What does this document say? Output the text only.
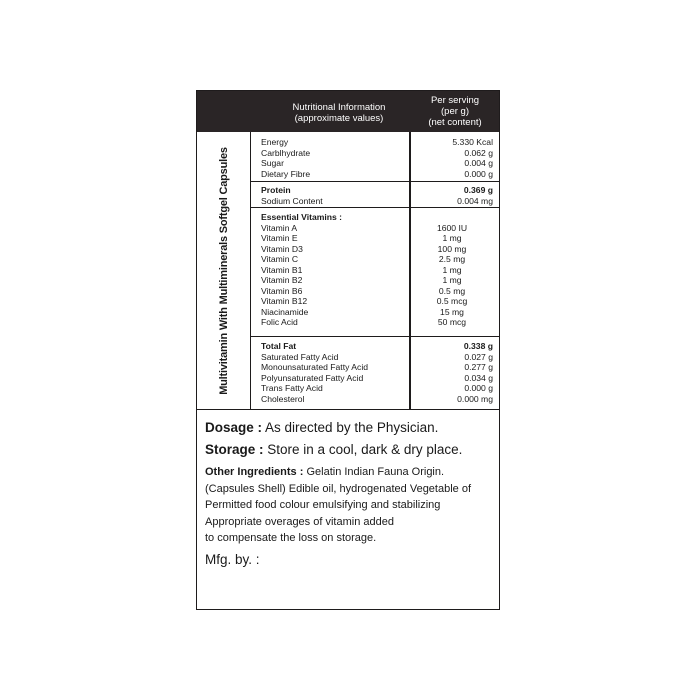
Nutritional Information
(approximate values)
Per serving
(per g)
(net content)
Multivitamin With Multiminerals Softgel Capsules
Energy	5.330 Kcal
Carblhydrate	0.062 g
Sugar	0.004 g
Dietary Fibre	0.000 g
Protein	0.369 g
Sodium Content	0.004 mg
Essential Vitamins :
Vitamin A	1600 IU
Vitamin E	1 mg
Vitamin D3	100 mg
Vitamin C	2.5 mg
Vitamin B1	1 mg
Vitamin B2	1 mg
Vitamin B6	0.5 mg
Vitamin B12	0.5 mcg
Niacinamide	15 mg
Folic Acid	50 mcg
Total Fat	0.338 g
Saturated Fatty Acid	0.027 g
Monounsaturated Fatty Acid	0.277 g
Polyunsaturated Fatty Acid	0.034 g
Trans Fatty Acid	0.000 g
Cholesterol	0.000 mg
Dosage : As directed by the Physician.
Storage : Store in a cool, dark & dry place.
Other Ingredients : Gelatin Indian Fauna Origin.
(Capsules Shell) Edible oil, hydrogenated Vegetable of
Permitted food colour emulsifying and stabilizing
Appropriate overages of vitamin added
to compensate the loss on storage.
Mfg. by. :
